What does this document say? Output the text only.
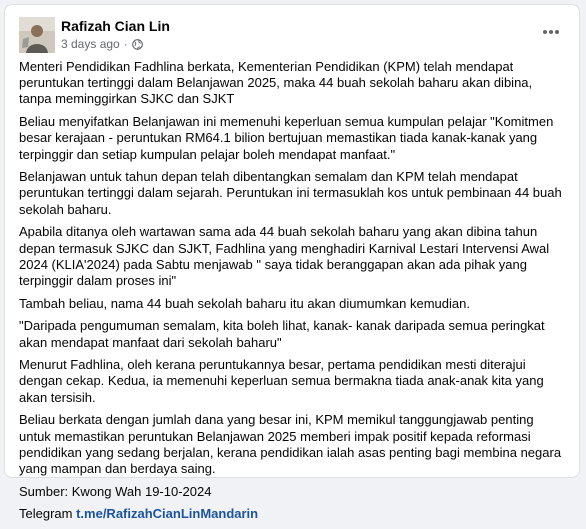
Rafizah Cian Lin
3 days ago ·

Menteri Pendidikan Fadhlina berkata, Kementerian Pendidikan (KPM) telah mendapat peruntukan tertinggi dalam Belanjawan 2025, maka 44 buah sekolah baharu akan dibina, tanpa meminggirkan SJKC dan SJKT

Beliau menyifatkan Belanjawan ini memenuhi keperluan semua kumpulan pelajar "Komitmen besar kerajaan - peruntukan RM64.1 bilion bertujuan memastikan tiada kanak-kanak yang terpinggir dan setiap kumpulan pelajar boleh mendapat manfaat."

Belanjawan untuk tahun depan telah dibentangkan semalam dan KPM telah mendapat peruntukan tertinggi dalam sejarah. Peruntukan ini termasuklah kos untuk pembinaan 44 buah sekolah baharu.

Apabila ditanya oleh wartawan sama ada 44 buah sekolah baharu yang akan dibina tahun depan termasuk SJKC dan SJKT, Fadhlina yang menghadiri Karnival Lestari Intervensi Awal 2024 (KLIA'2024) pada Sabtu menjawab " saya tidak beranggapan akan ada pihak yang terpinggir dalam proses ini"

Tambah beliau, nama 44 buah sekolah baharu itu akan diumumkan kemudian.

"Daripada pengumuman semalam, kita boleh lihat, kanak- kanak daripada semua peringkat akan mendapat manfaat dari sekolah baharu"

Menurut Fadhlina, oleh kerana peruntukannya besar, pertama pendidikan mesti diterajui dengan cekap. Kedua, ia memenuhi keperluan semua bermakna tiada anak-anak kita yang akan tersisih.

Beliau berkata dengan jumlah dana yang besar ini, KPM memikul tanggungjawab penting untuk memastikan peruntukan Belanjawan 2025 memberi impak positif kepada reformasi pendidikan yang sedang berjalan, kerana pendidikan ialah asas penting bagi membina negara yang mampan dan berdaya saing.

Sumber: Kwong Wah 19-10-2024

Telegram t.me/RafizahCianLinMandarin
